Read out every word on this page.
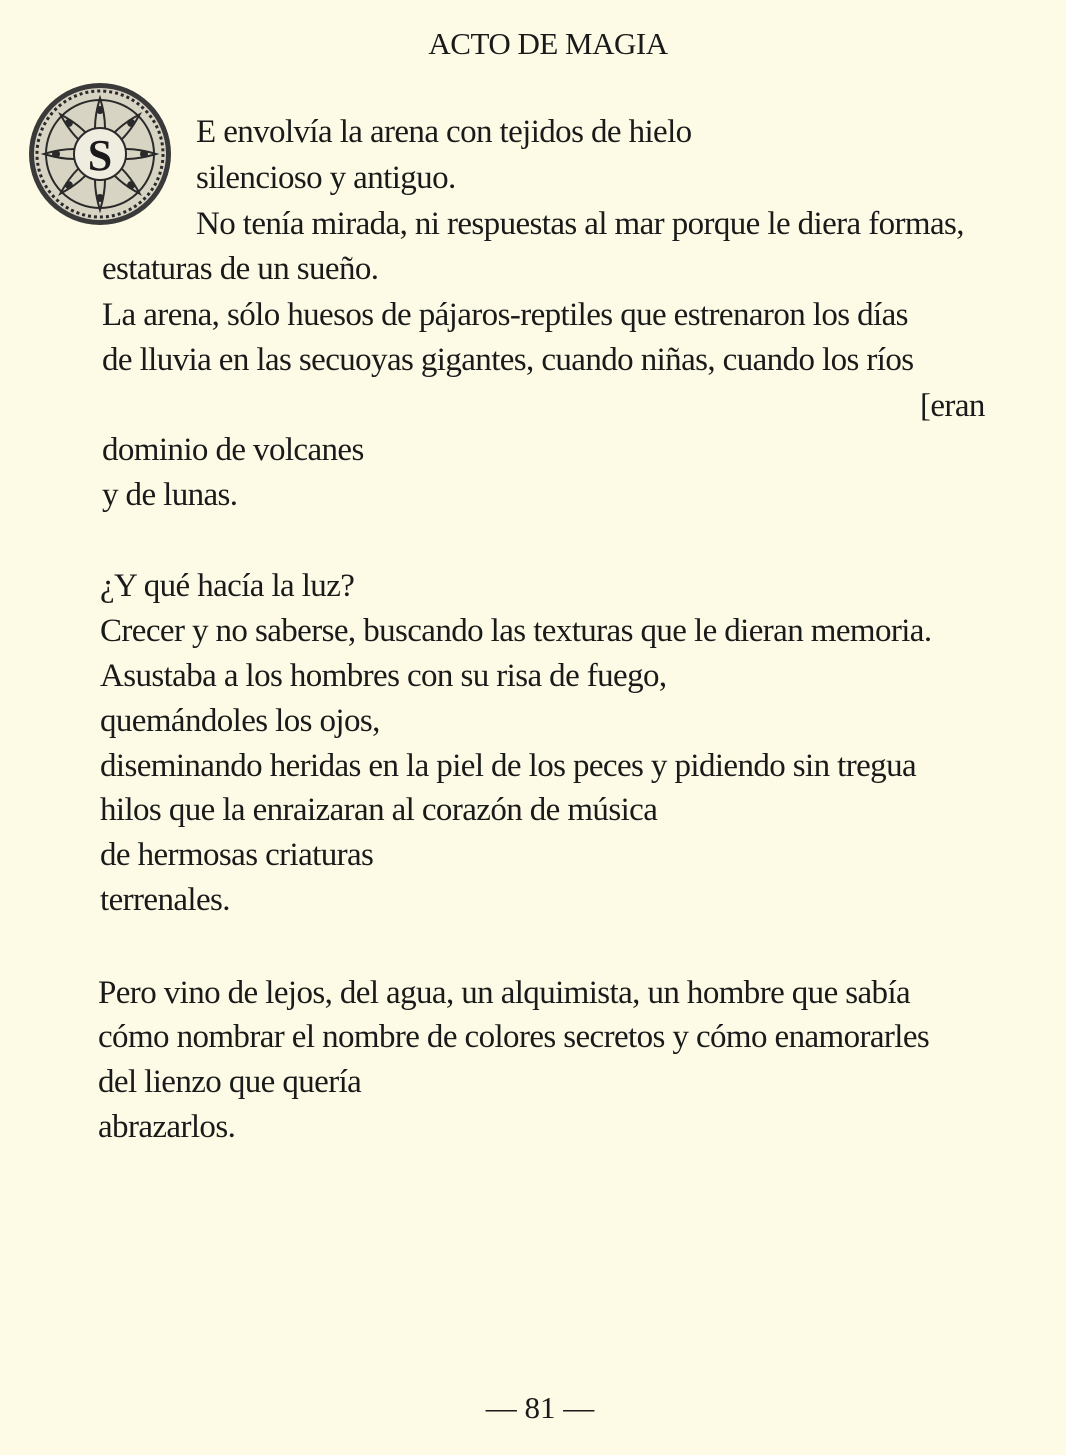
ACTO DE MAGIA
S	E envolvía la arena con tejidos de hielo
silencioso y antiguo.
No tenía mirada, ni respuestas al mar porque le diera formas,
estaturas de un sueño.
La arena, sólo huesos de pájaros-reptiles que estrenaron los días
de lluvia en las secuoyas gigantes, cuando niñas, cuando los ríos
[eran
dominio de volcanes
y de lunas.
¿Y qué hacía la luz?
Crecer y no saberse, buscando las texturas que le dieran memoria.
Asustaba a los hombres con su risa de fuego,
quemándoles los ojos,
diseminando heridas en la piel de los peces y pidiendo sin tregua
hilos que la enraizaran al corazón de música
de hermosas criaturas
terrenales.
Pero vino de lejos, del agua, un alquimista, un hombre que sabía
cómo nombrar el nombre de colores secretos y cómo enamorarles
del lienzo que quería
abrazarlos.
— 81 —
